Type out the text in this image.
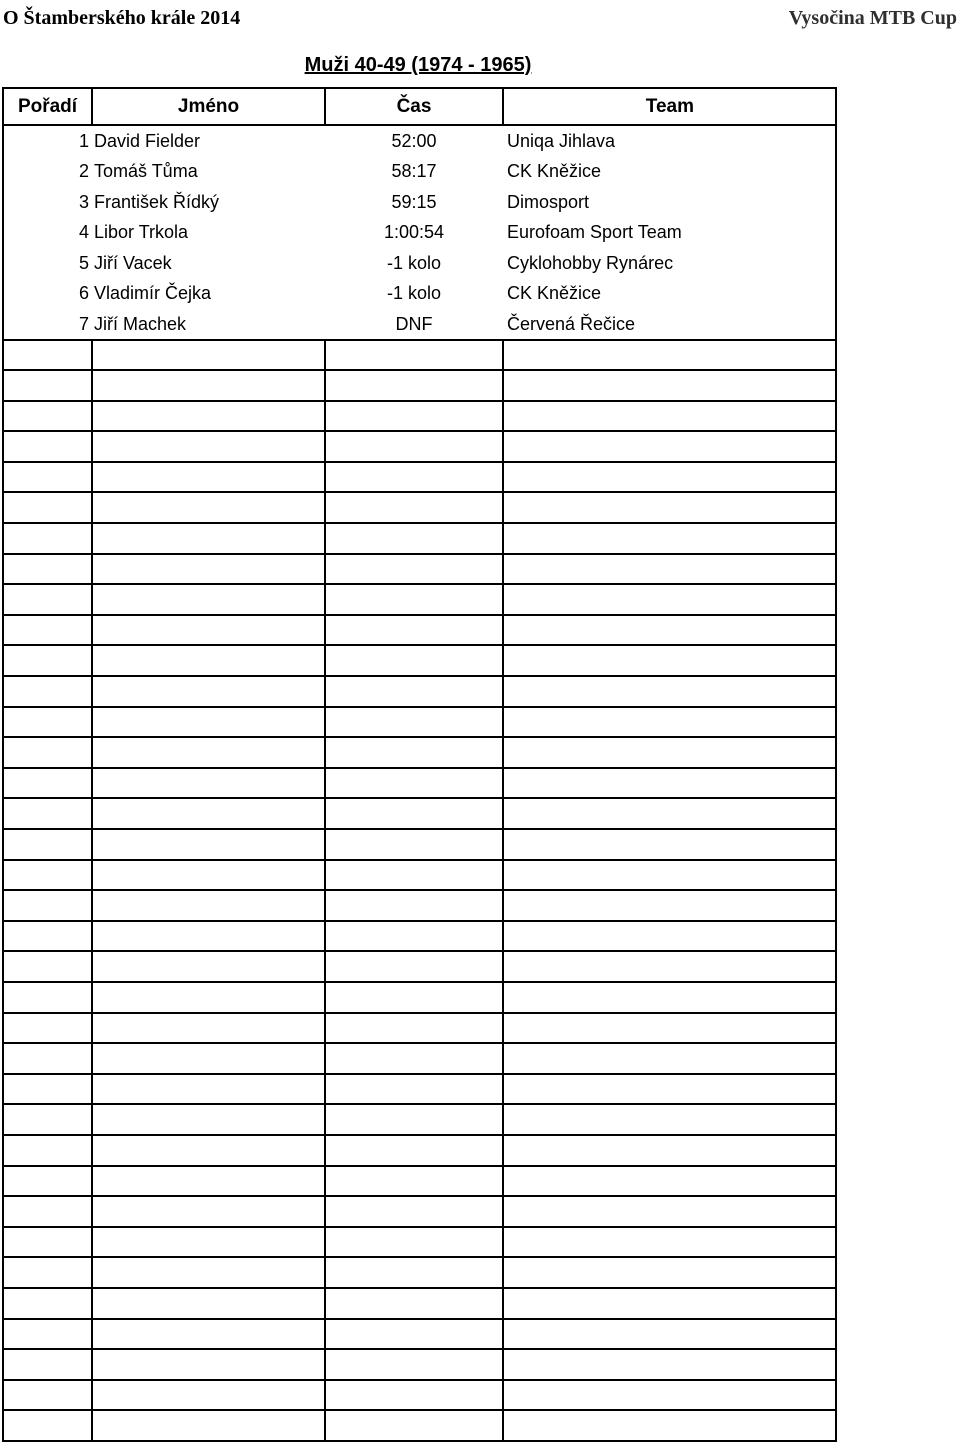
O Štamberského krále 2014	Vysočina MTB Cup
Muži 40-49 (1974 - 1965)
Pořadí	Jméno	Čas	Team
1	David Fielder	52:00	Uniqa Jihlava
2	Tomáš Tůma	58:17	CK Kněžice
3	František Řídký	59:15	Dimosport
4	Libor Trkola	1:00:54	Eurofoam Sport Team
5	Jiří Vacek	-1 kolo	Cyklohobby Rynárec
6	Vladimír Čejka	-1 kolo	CK Kněžice
7	Jiří Machek	DNF	Červená Řečice
